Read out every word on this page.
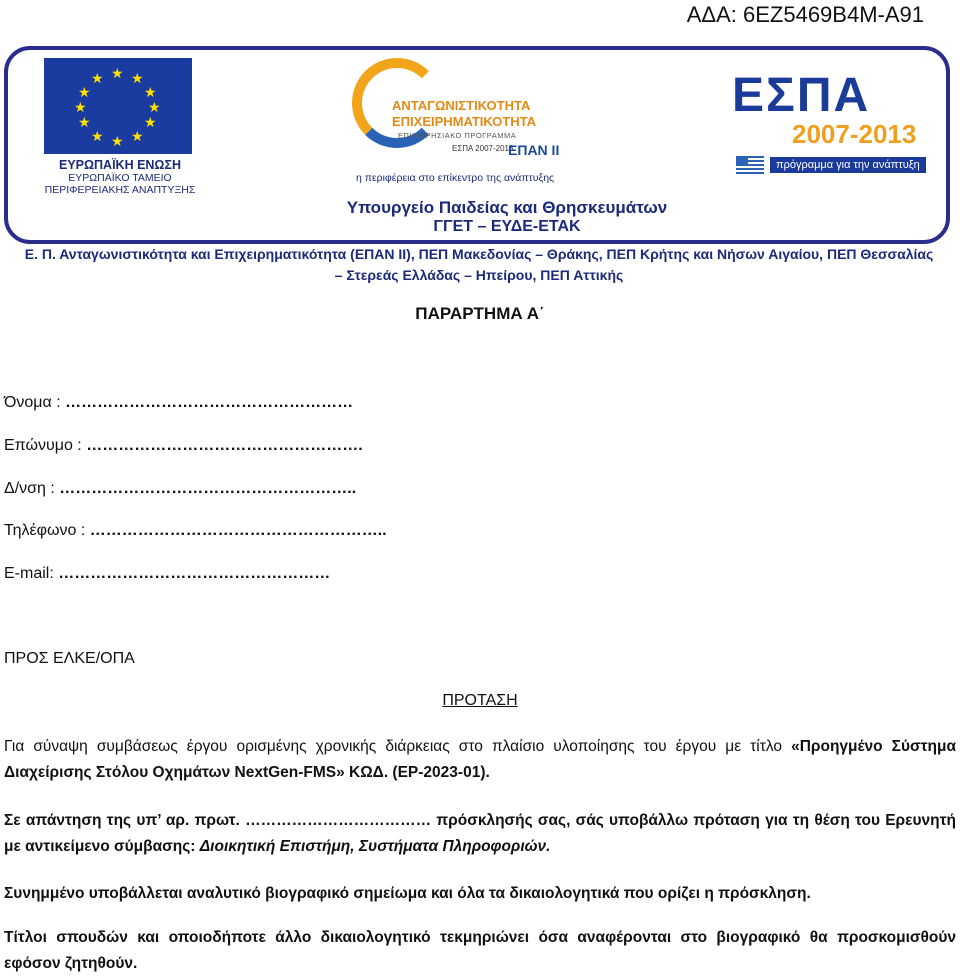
ΑΔΑ: 6ΕΖ5469Β4Μ-Α91
★ ★
★
★
★
★
★
★
★
★
★
★
ΕΥΡΩΠΑΪΚΗ ΕΝΩΣΗ
ΕΥΡΩΠΑΪΚΟ ΤΑΜΕΙΟ
ΠΕΡΙΦΕΡΕΙΑΚΗΣ ΑΝΑΠΤΥΞΗΣ
ΑΝΤΑΓΩΝΙΣΤΙΚΟΤΗΤΑ
ΕΠΙΧΕΙΡΗΜΑΤΙΚΟΤΗΤΑ
ΕΠΙΧΕΙΡΗΣΙΑΚΟ ΠΡΟΓΡΑΜΜΑ
ΕΣΠΑ 2007-2013
ΕΠΑΝ ΙΙ
η περιφέρεια στο επίκεντρο της ανάπτυξης
ΕΣΠΑ
2007-2013
πρόγραμμα για την ανάπτυξη
Υπουργείο Παιδείας και Θρησκευμάτων
ΓΓΕΤ – ΕΥΔΕ-ΕΤΑΚ
Ε. Π. Ανταγωνιστικότητα και Επιχειρηματικότητα (ΕΠΑΝ ΙΙ), ΠΕΠ Μακεδονίας – Θράκης, ΠΕΠ Κρήτης και Νήσων Αιγαίου, ΠΕΠ Θεσσαλίας – Στερεάς Ελλάδας – Ηπείρου, ΠΕΠ Αττικής
ΠΑΡΑΡΤΗΜΑ Α΄
Όνομα : ………………………………………………
Επώνυμο : …………………………………………….
Δ/νση : ………………………………………………..
Τηλέφωνο : ………………………………………………..
E-mail: ……………………………………………
ΠΡΟΣ ΕΛΚΕ/ΟΠΑ
ΠΡΟΤΑΣΗ
Για σύναψη συμβάσεως έργου ορισμένης χρονικής διάρκειας στο πλαίσιο υλοποίησης του έργου με τίτλο «Προηγμένο Σύστημα Διαχείρισης Στόλου Οχημάτων NextGen-FMS» ΚΩΔ. (ΕΡ-2023-01).
Σε απάντηση της υπ’ αρ. πρωτ. ……………………………… πρόσκλησής σας, σάς υποβάλλω πρόταση για τη θέση του Ερευνητή με αντικείμενο σύμβασης: Διοικητική Επιστήμη, Συστήματα Πληροφοριών.
Συνημμένο υποβάλλεται αναλυτικό βιογραφικό σημείωμα και όλα τα δικαιολογητικά που ορίζει η πρόσκληση.
Τίτλοι σπουδών και οποιοδήποτε άλλο δικαιολογητικό τεκμηριώνει όσα αναφέρονται στο βιογραφικό θα προσκομισθούν εφόσον ζητηθούν.
